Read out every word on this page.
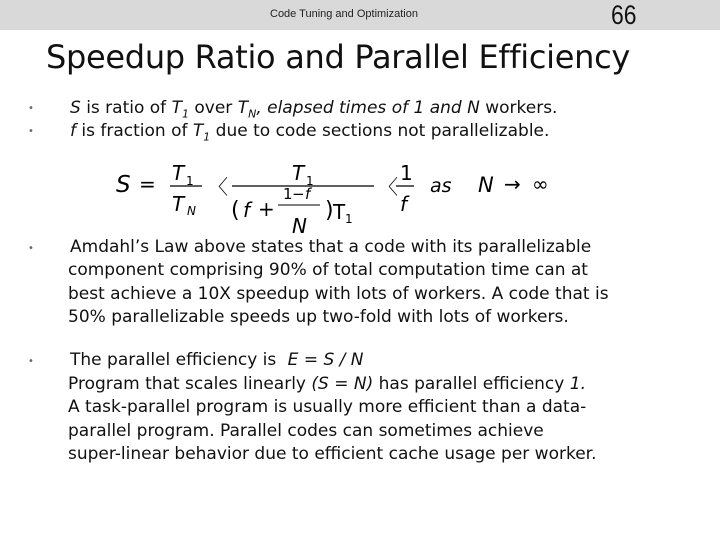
Code Tuning and Optimization	66
Speedup Ratio and Parallel Efficiency
• S is ratio of $T_1$ over $T_N$, elapsed times of 1 and N workers.
• f is fraction of $T_1$ due to code sections not parallelizable.
S = T 1
T N
〈
T 1
( f +
1 − f
N
) T 1
〈
1
f
as N → ∞
• Amdahl’s Law above states that a code with its parallelizable
component comprising 90% of total computation time can at
best achieve a 10X speedup with lots of workers. A code that is
50% parallelizable speeds up two-fold with lots of workers.
• The parallel efficiency is E = S / N
Program that scales linearly (S = N) has parallel efficiency 1.
A task-parallel program is usually more efficient than a data-
parallel program. Parallel codes can sometimes achieve
super-linear behavior due to efficient cache usage per worker.
